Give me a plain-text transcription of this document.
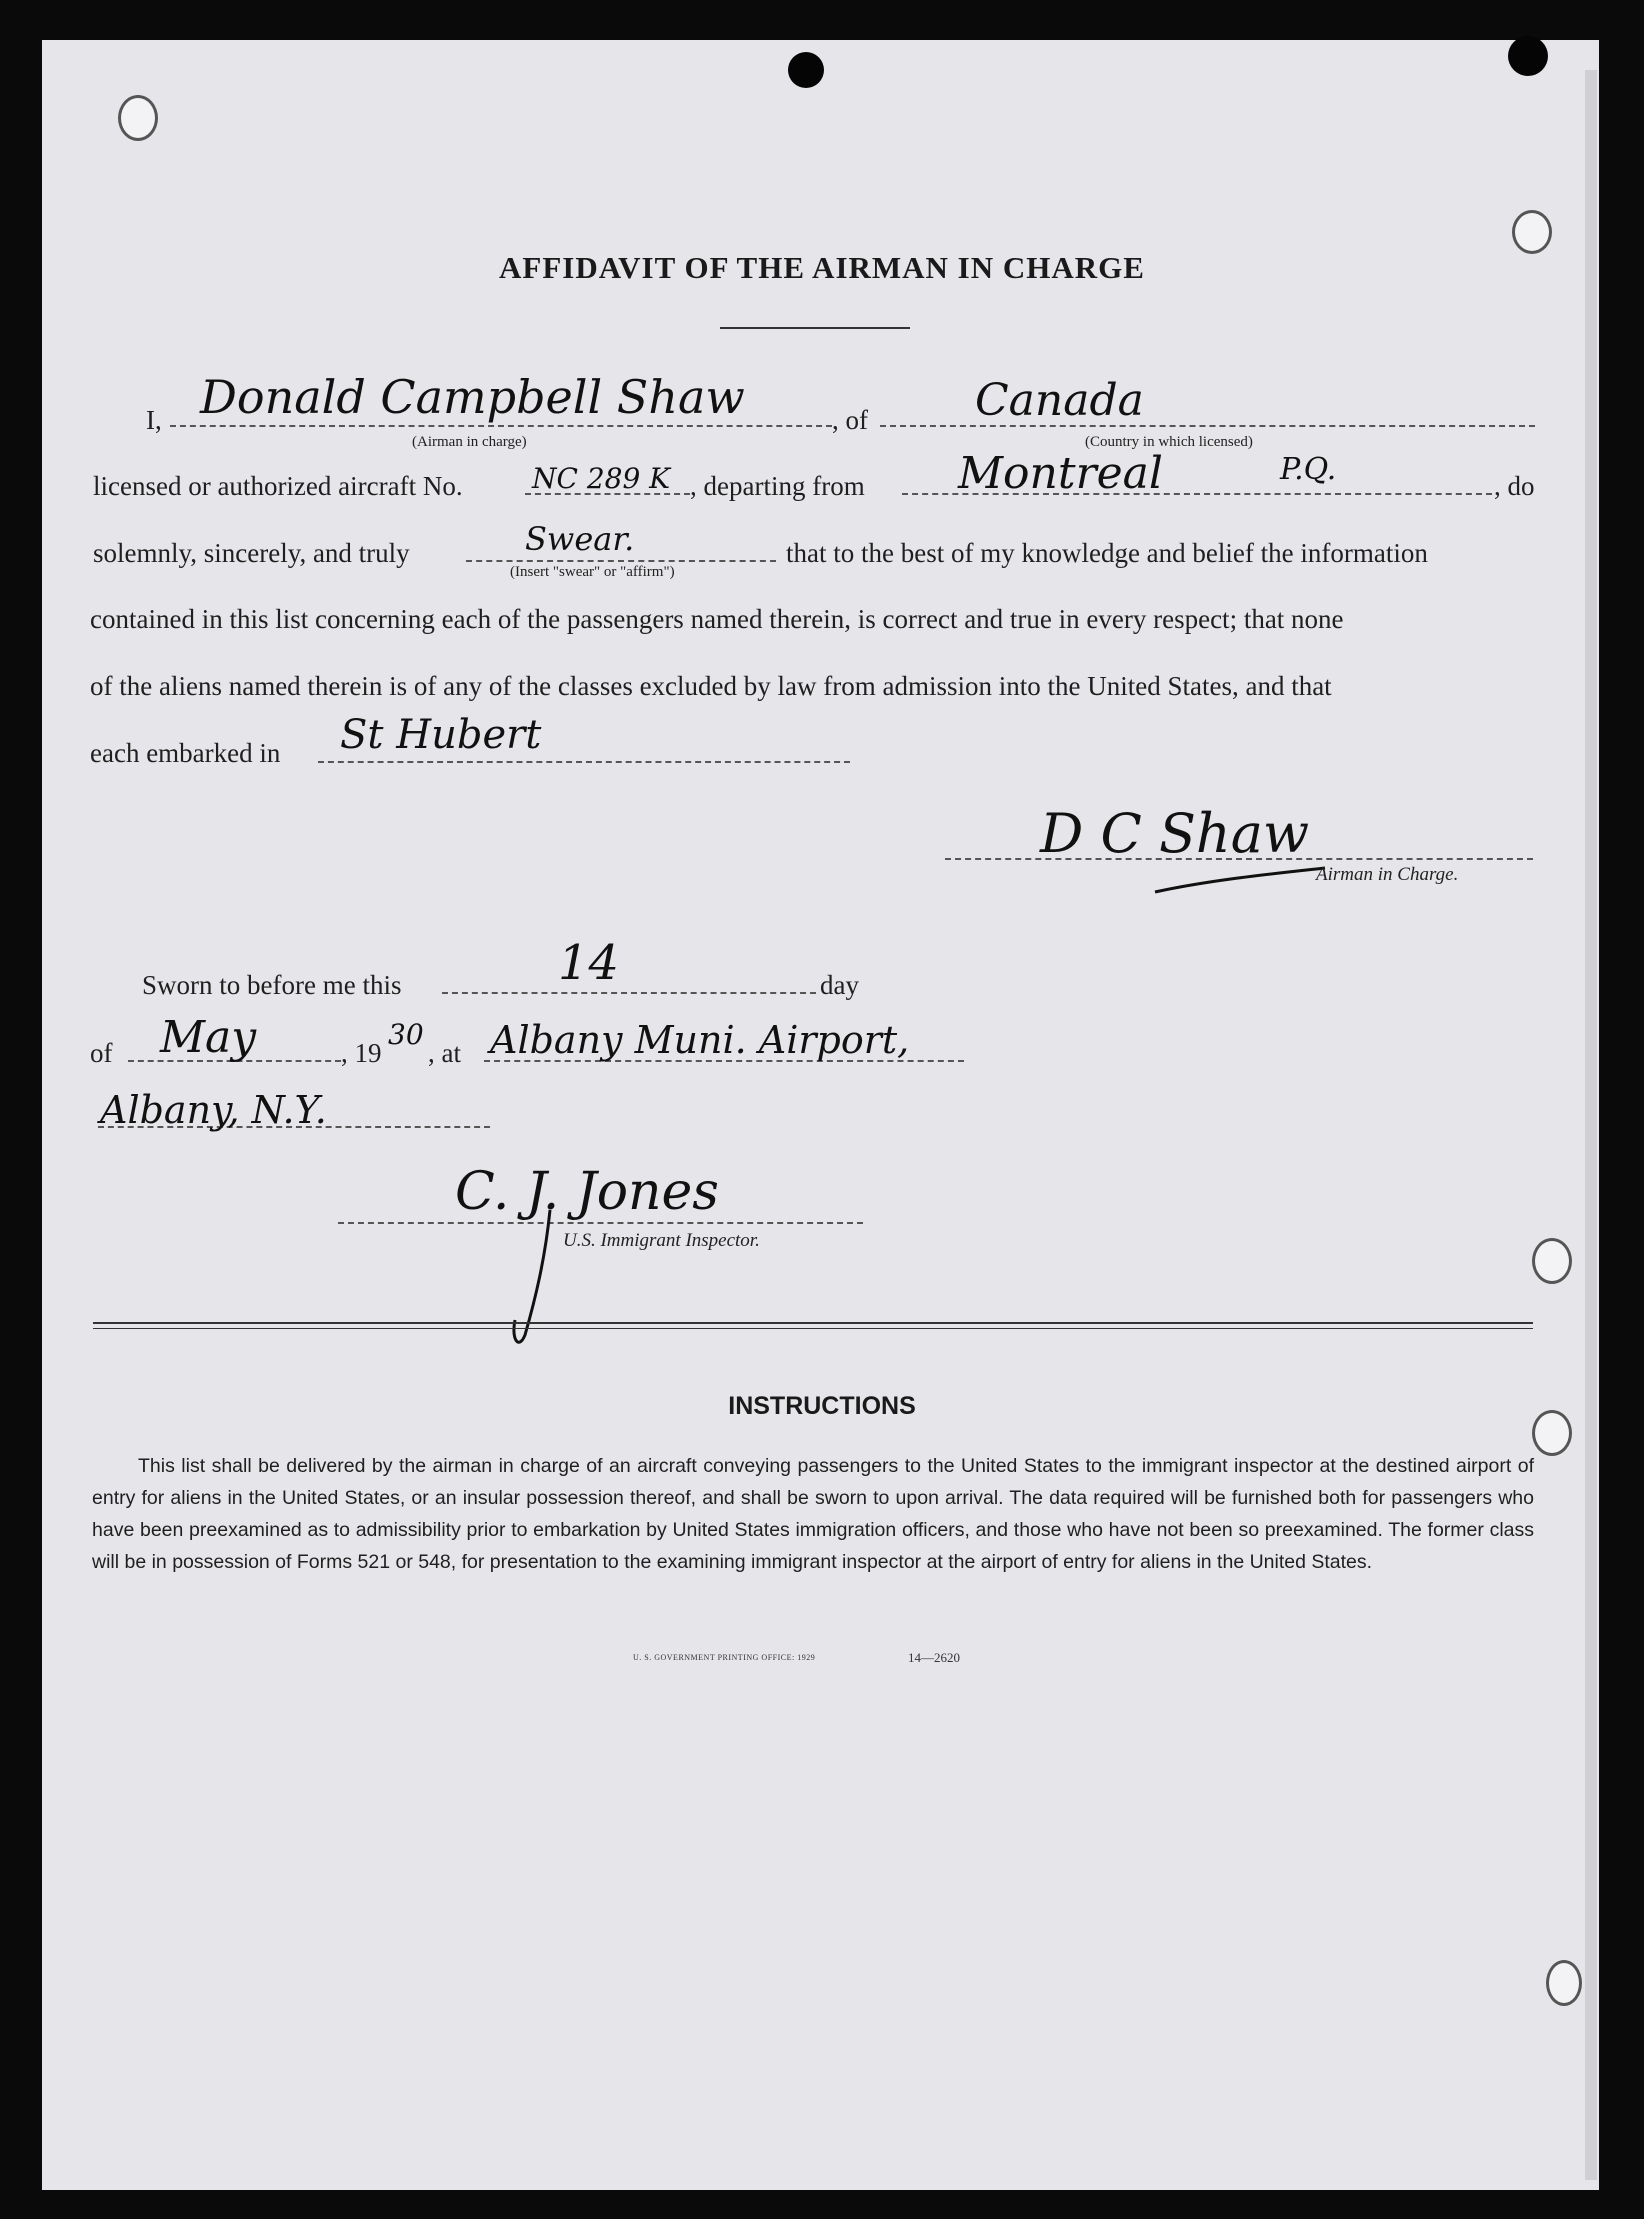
AFFIDAVIT OF THE AIRMAN IN CHARGE
I, Donald Campbell Shaw	, of Canada
(Airman in charge)	(Country in which licensed)
licensed or authorized aircraft No. NC 289 K , departing from Montreal	P.Q.	, do
solemnly, sincerely, and truly	Swear.
(Insert "swear" or "affirm")
that to the best of my knowledge and belief the information
contained in this list concerning each of the passengers named therein, is correct and true in every respect; that none
of the aliens named therein is of any of the classes excluded by law from admission into the United States, and that
each embarked in St Hubert
D C Shaw
Airman in Charge.
Sworn to before me this	14	day
of May	, 19
30
, at Albany Muni. Airport,
Albany, N.Y.
C. J. Jones
U.S. Immigrant Inspector.
INSTRUCTIONS
This list shall be delivered by the airman in charge of an aircraft conveying passengers to the United States to the immigrant inspector at the destined airport of entry for aliens in the United States, or an insular possession thereof, and shall be sworn to upon arrival. The data required will be furnished both for passengers who have been preexamined as to admissibility prior to embarkation by United States immigration officers, and those who have not been so preexamined. The former class will be in possession of Forms 521 or 548, for presentation to the examining immigrant inspector at the airport of entry for aliens in the United States.
U. S. GOVERNMENT PRINTING OFFICE: 1929	14—2620
